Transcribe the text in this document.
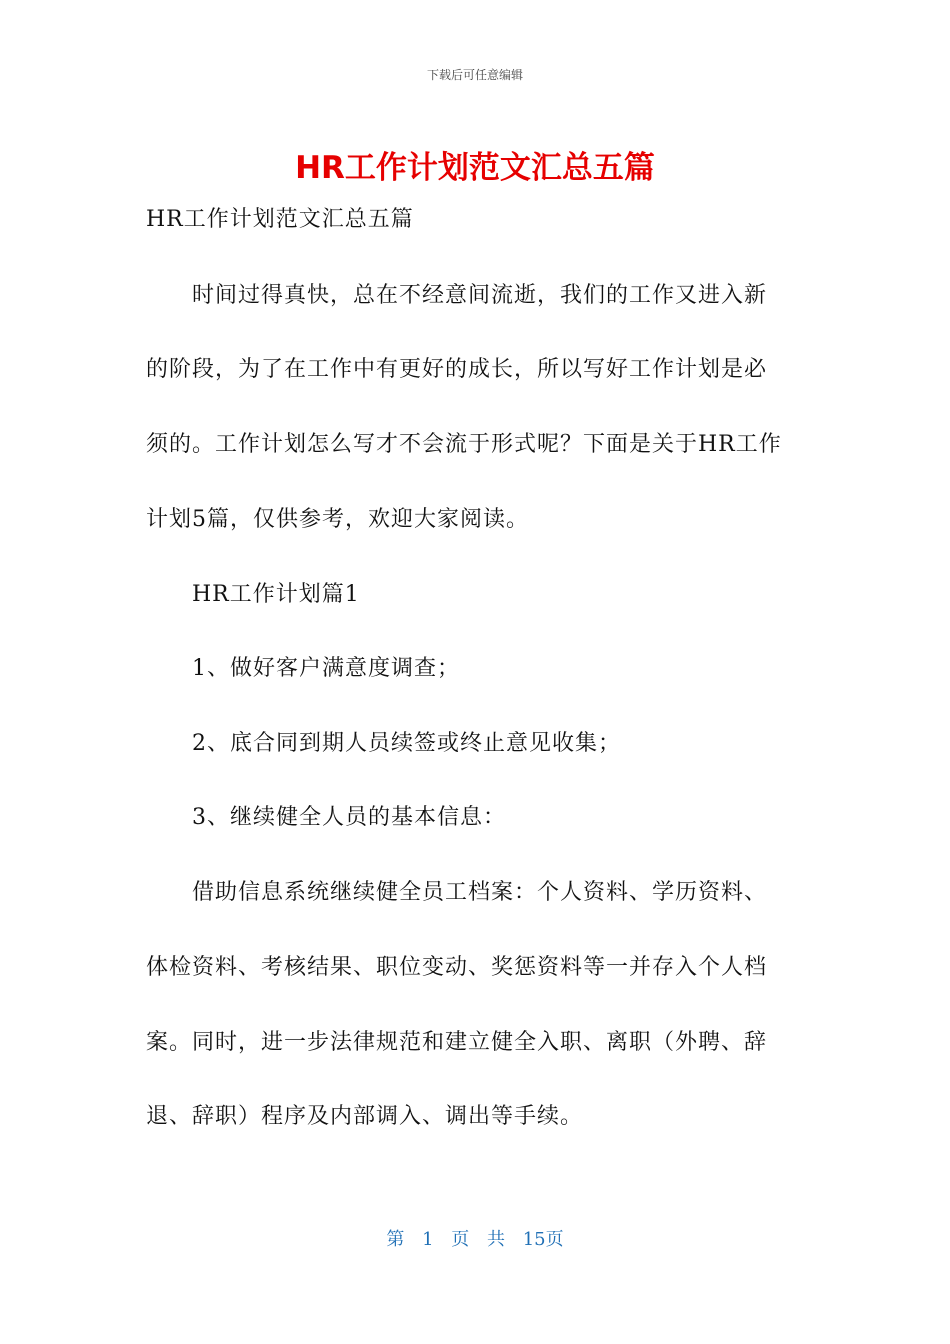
下载后可任意编辑
HR工作计划范文汇总五篇
HR工作计划范文汇总五篇
时间过得真快，总在不经意间流逝，我们的工作又进入新
的阶段，为了在工作中有更好的成长，所以写好工作计划是必
须的。工作计划怎么写才不会流于形式呢？下面是关于HR工作
计划5篇，仅供参考，欢迎大家阅读。
HR工作计划篇1
1、做好客户满意度调查；
2、底合同到期人员续签或终止意见收集；
3、继续健全人员的基本信息：
借助信息系统继续健全员工档案：个人资料、学历资料、
体检资料、考核结果、职位变动、奖惩资料等一并存入个人档
案。同时，进一步法律规范和建立健全入职、离职（外聘、辞
退、辞职）程序及内部调入、调出等手续。
第 1 页 共 15页
